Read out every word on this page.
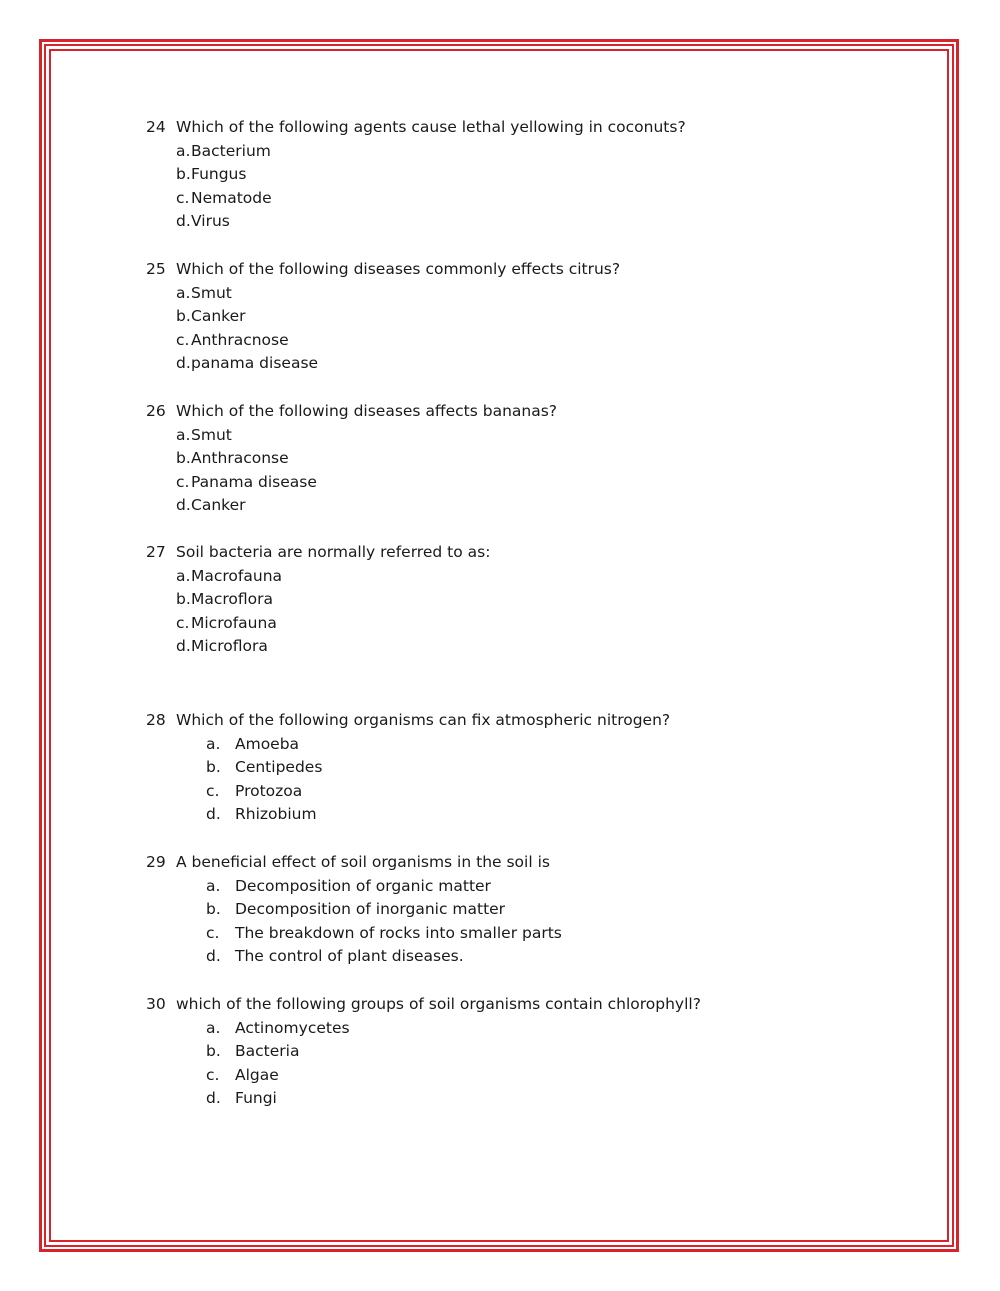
24 Which of the following agents cause lethal yellowing in coconuts?
a.Bacterium
b.Fungus
c.Nematode
d.Virus
25 Which of the following diseases commonly effects citrus?
a.Smut
b.Canker
c.Anthracnose
d.panama disease
26 Which of the following diseases affects bananas?
a.Smut
b.Anthraconse
c.Panama disease
d.Canker
27 Soil bacteria are normally referred to as:
a.Macrofauna
b.Macroflora
c.Microfauna
d.Microflora
28 Which of the following organisms can fix atmospheric nitrogen?
a. Amoeba
b. Centipedes
c. Protozoa
d. Rhizobium
29 A beneficial effect of soil organisms in the soil is
a. Decomposition of organic matter
b. Decomposition of inorganic matter
c. The breakdown of rocks into smaller parts
d. The control of plant diseases.
30 which of the following groups of soil organisms contain chlorophyll?
a. Actinomycetes
b. Bacteria
c. Algae
d. Fungi
